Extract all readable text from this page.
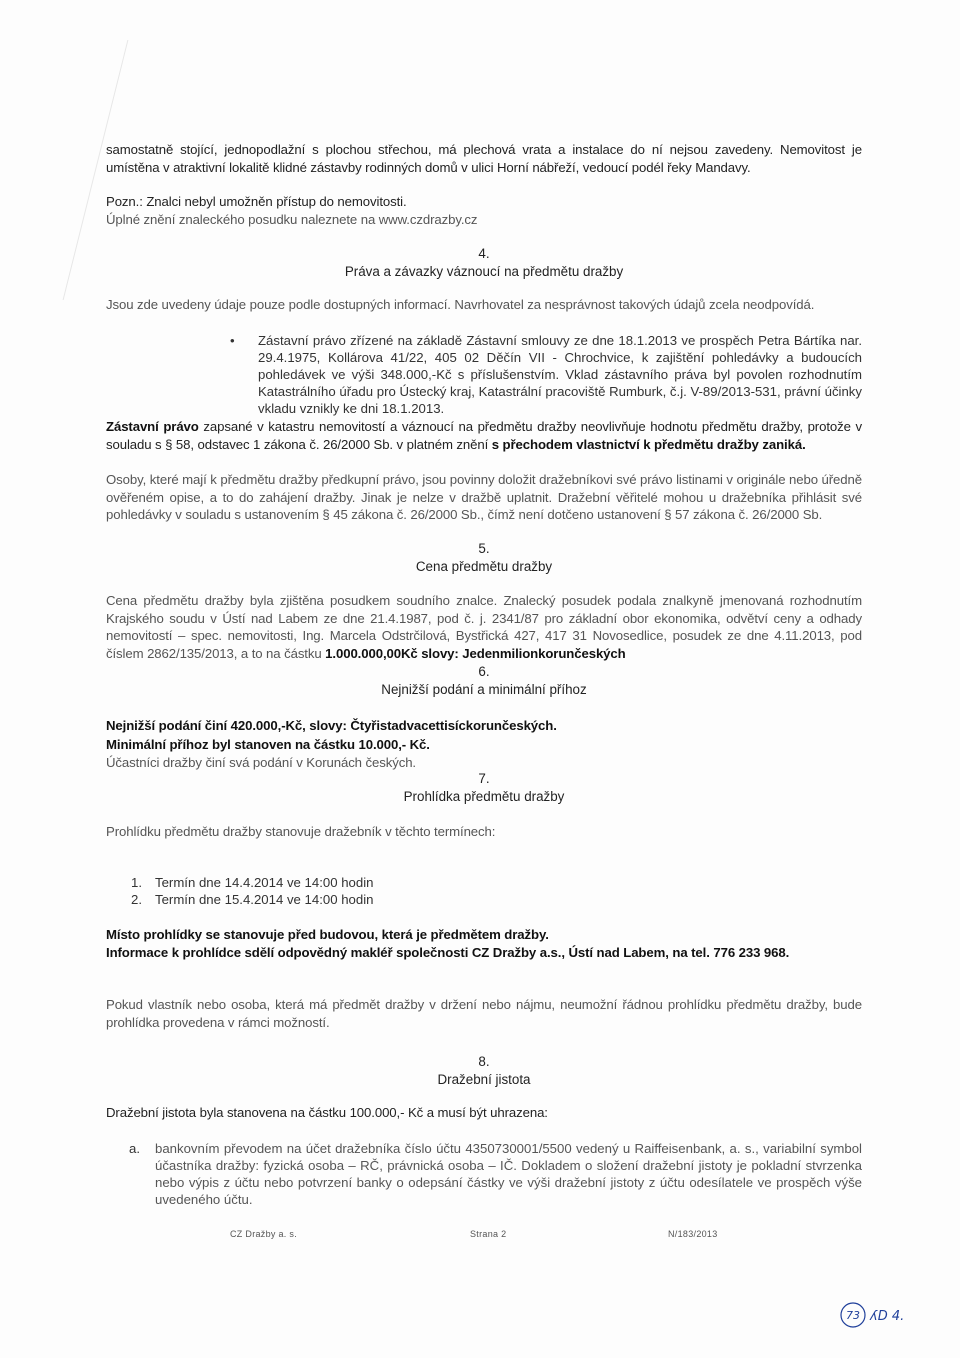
samostatně stojící, jednopodlažní s plochou střechou, má plechová vrata a instalace do ní nejsou zavedeny. Nemovitost je umístěna v atraktivní lokalitě klidné zástavby rodinných domů v ulici Horní nábřeží, vedoucí podél řeky Mandavy.
Pozn.: Znalci nebyl umožněn přístup do nemovitosti.
Úplné znění znaleckého posudku naleznete na www.czdrazby.cz
4.
Práva a závazky váznoucí na předmětu dražby
Jsou zde uvedeny údaje pouze podle dostupných informací. Navrhovatel za nesprávnost takových údajů zcela neodpovídá.
• Zástavní právo zřízené na základě Zástavní smlouvy ze dne 18.1.2013 ve prospěch Petra Bártíka nar. 29.4.1975, Kollárova 41/22, 405 02 Děčín VII - Chrochvice, k zajištění pohledávky a budoucích pohledávek ve výši 348.000,-Kč s příslušenstvím. Vklad zástavního práva byl povolen rozhodnutím Katastrálního úřadu pro Ústecký kraj, Katastrální pracoviště Rumburk, č.j. V-89/2013-531, právní účinky vkladu vznikly ke dni 18.1.2013.
Zástavní právo zapsané v katastru nemovitostí a váznoucí na předmětu dražby neovlivňuje hodnotu předmětu dražby, protože v souladu s § 58, odstavec 1 zákona č. 26/2000 Sb. v platném znění s přechodem vlastnictví k předmětu dražby zaniká.
Osoby, které mají k předmětu dražby předkupní právo, jsou povinny doložit dražebníkovi své právo listinami v originále nebo úředně ověřeném opise, a to do zahájení dražby. Jinak je nelze v dražbě uplatnit. Dražební věřitelé mohou u dražebníka přihlásit své pohledávky v souladu s ustanovením § 45 zákona č. 26/2000 Sb., čímž není dotčeno ustanovení § 57 zákona č. 26/2000 Sb.
5.
Cena předmětu dražby
Cena předmětu dražby byla zjištěna posudkem soudního znalce. Znalecký posudek podala znalkyně jmenovaná rozhodnutím Krajského soudu v Ústí nad Labem ze dne 21.4.1987, pod č. j. 2341/87 pro základní obor ekonomika, odvětví ceny a odhady nemovitostí – spec. nemovitosti, Ing. Marcela Odstrčilová, Bystřická 427, 417 31 Novosedlice, posudek ze dne 4.11.2013, pod číslem 2862/135/2013, a to na částku 1.000.000,00Kč slovy: Jedenmilionkorunčeských
6.
Nejnižší podání a minimální příhoz
Nejnižší podání činí 420.000,-Kč, slovy: Čtyřistadvacettisíckorunčeských.
Minimální příhoz byl stanoven na částku 10.000,- Kč.
Účastníci dražby činí svá podání v Korunách českých.
7.
Prohlídka předmětu dražby
Prohlídku předmětu dražby stanovuje dražebník v těchto termínech:
1. Termín dne 14.4.2014 ve 14:00 hodin
2. Termín dne 15.4.2014 ve 14:00 hodin
Místo prohlídky se stanovuje před budovou, která je předmětem dražby.
Informace k prohlídce sdělí odpovědný makléř společnosti CZ Dražby a.s., Ústí nad Labem, na tel. 776 233 968.
Pokud vlastník nebo osoba, která má předmět dražby v držení nebo nájmu, neumožní řádnou prohlídku předmětu dražby, bude prohlídka provedena v rámci možností.
8.
Dražební jistota
Dražební jistota byla stanovena na částku 100.000,- Kč a musí být uhrazena:
a. bankovním převodem na účet dražebníka číslo účtu 4350730001/5500 vedený u Raiffeisenbank, a. s., variabilní symbol účastníka dražby: fyzická osoba – RČ, právnická osoba – IČ. Dokladem o složení dražební jistoty je pokladní stvrzenka nebo výpis z účtu nebo potvrzení banky o odepsání částky ve výši dražební jistoty z účtu odesílatele ve prospěch výše uvedeného účtu.
CZ Dražby a. s.	Strana 2	N/183/2013
73 ʎD 4.
